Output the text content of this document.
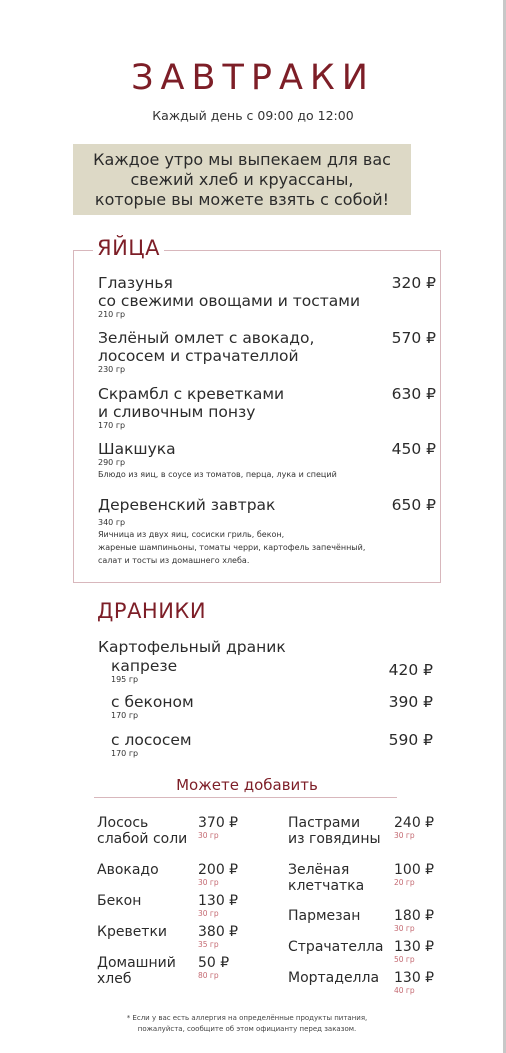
ЗАВТРАКИ
Каждый день с 09:00 до 12:00
Каждое утро мы выпекаем для вас
свежий хлеб и круассаны,
которые вы можете взять с собой!
ЯЙЦА
Глазунья
со свежими овощами и тостами
210 гр
320 ₽
Зелёный омлет с авокадо,
лососем и страчателлой
230 гр
570 ₽
Скрамбл с креветками
и сливочным понзу
170 гр
630 ₽
Шакшука
290 гр
Блюдо из яиц, в соусе из томатов, перца, лука и специй
450 ₽
Деревенский завтрак
340 гр
Яичница из двух яиц, сосиски гриль, бекон,
жареные шампиньоны, томаты черри, картофель запечённый,
салат и тосты из домашнего хлеба.
650 ₽
ДРАНИКИ
Картофельный драник
капрезе
195 гр
420 ₽
с беконом
170 гр
390 ₽
с лососем
170 гр
590 ₽
Можете добавить
Лосось
слабой соли
370 ₽
30 гр
Авокадо	200 ₽
30 гр
Бекон	130 ₽
30 гр
Креветки	380 ₽
35 гр
Домашний
хлеб
50 ₽
80 гр
Пастрами
из говядины
240 ₽
30 гр
Зелёная
клетчатка
100 ₽
20 гр
Пармезан	180 ₽
30 гр
Страчателла 130 ₽
50 гр
Мортаделла	130 ₽
40 гр
* Если у вас есть аллергия на определённые продукты питания,
пожалуйста, сообщите об этом официанту перед заказом.
